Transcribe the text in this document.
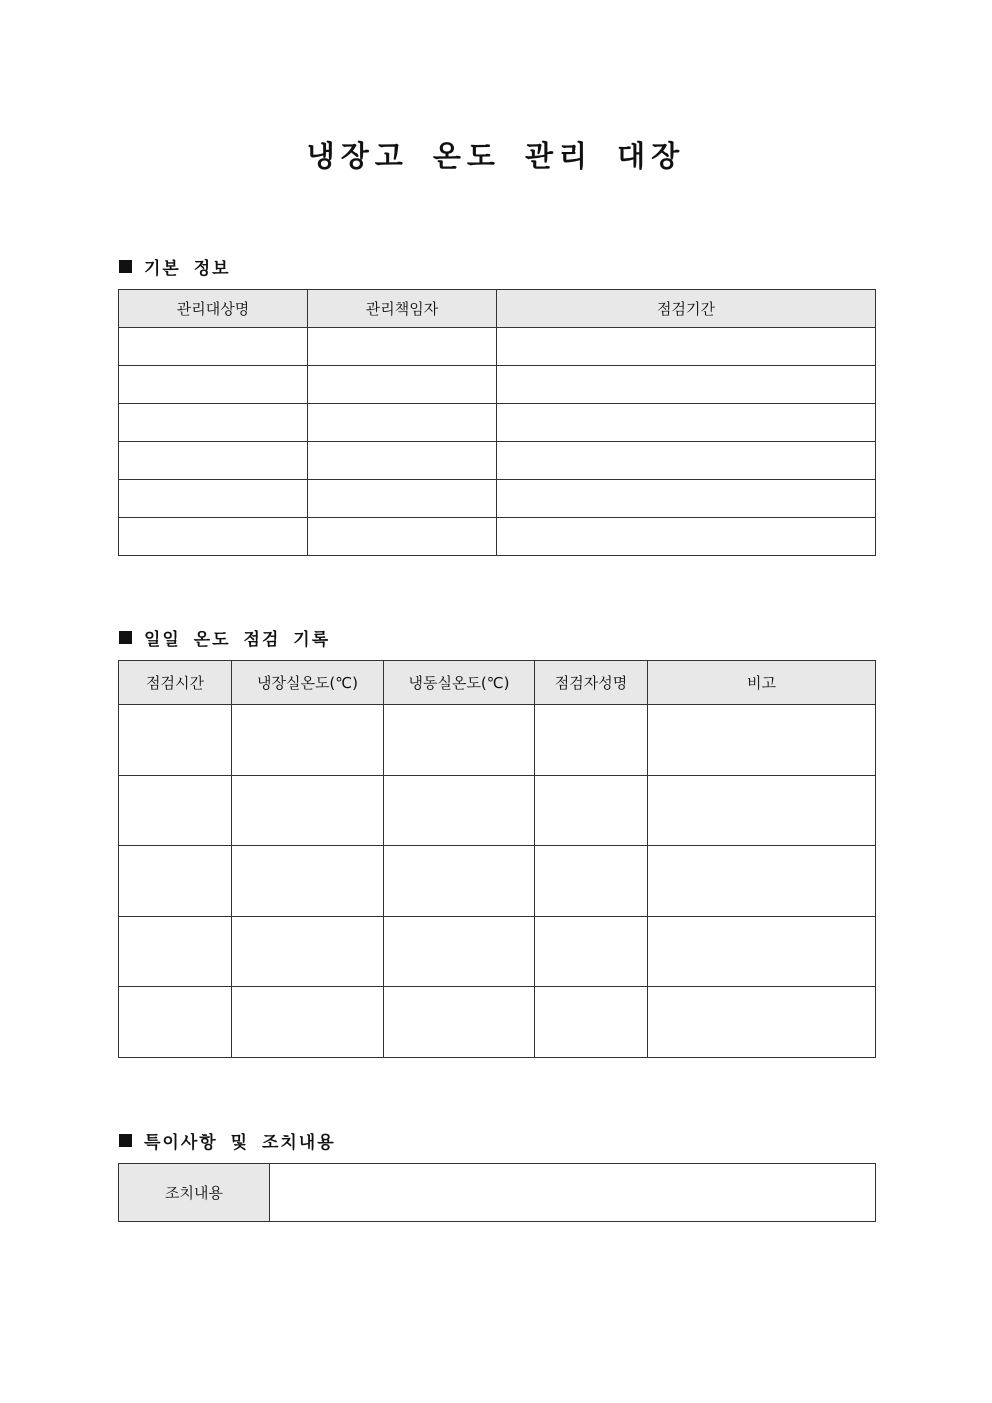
냉장고 온도 관리 대장
기본 정보
관리대상명	관리책임자	점검기간

일일 온도 점검 기록
점검시간	냉장실온도(℃)	냉동실온도(℃)	점검자성명	비고

특이사항 및 조치내용
조치내용	
